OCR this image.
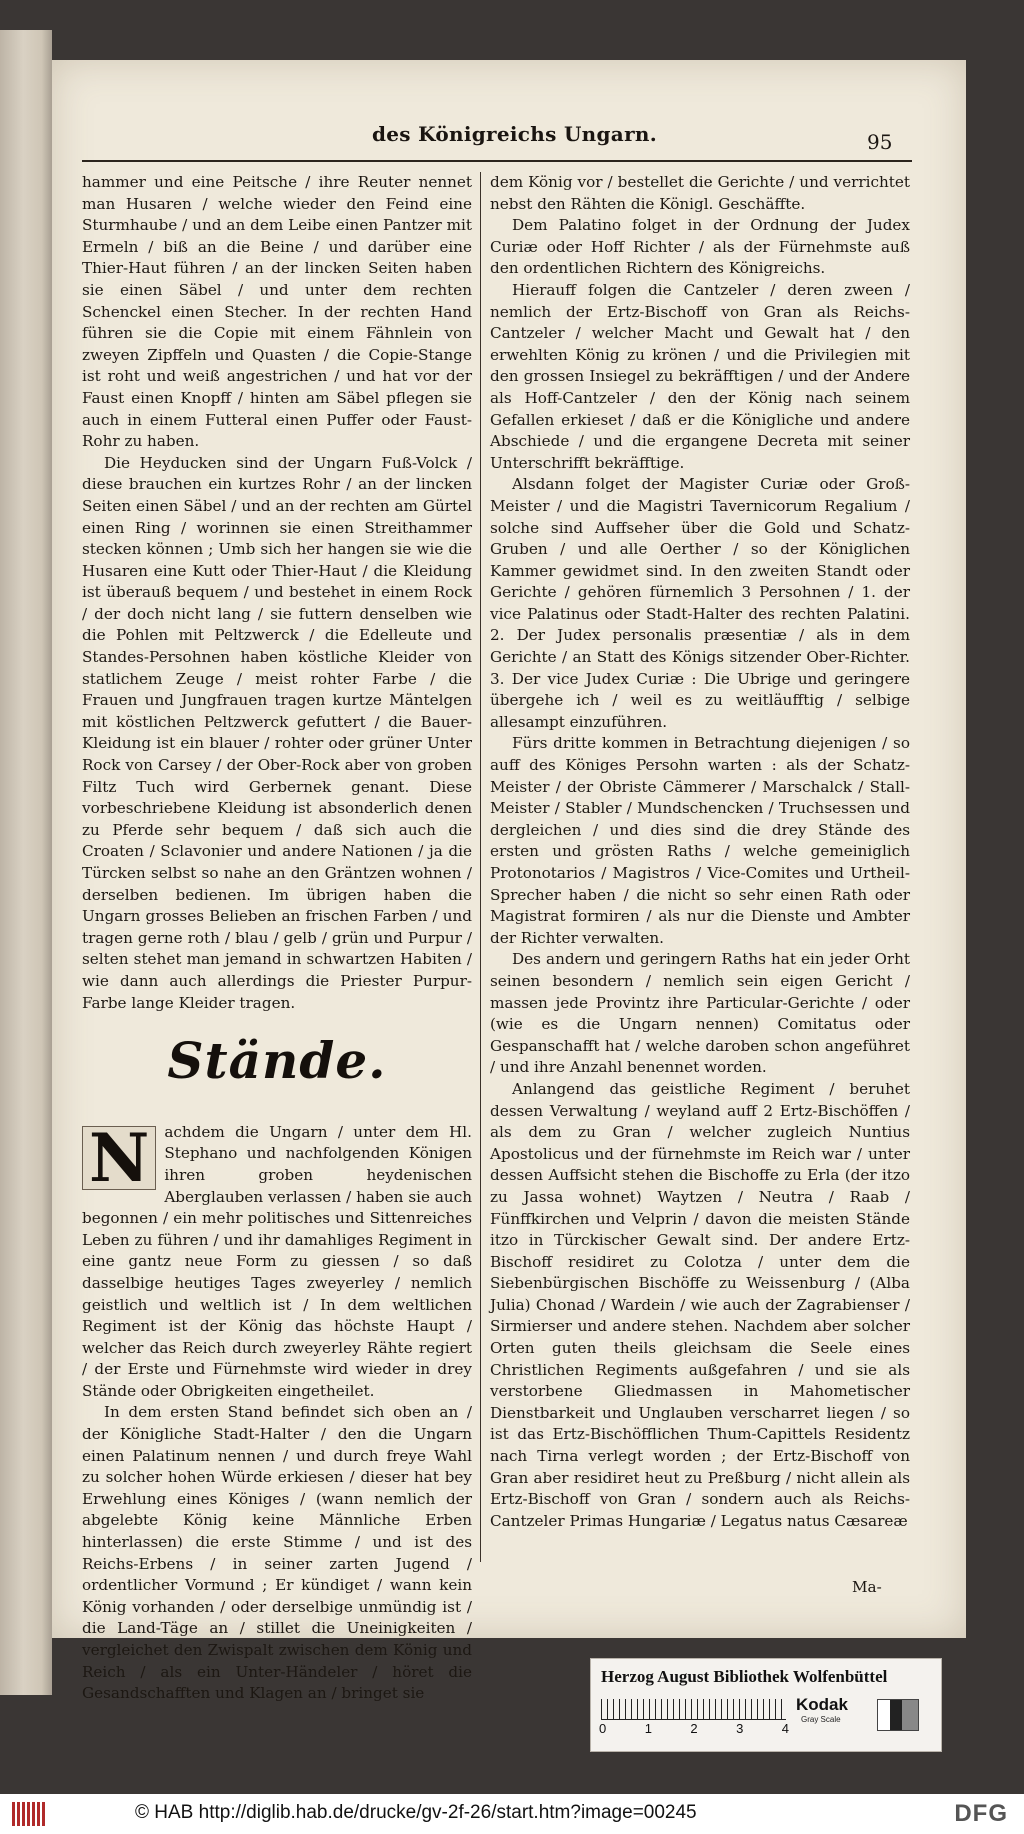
des Königreichs Ungarn.	95

hammer und eine Peitsche / ihre Reuter nennet man Husaren / welche wieder den Feind eine Sturmhaube / und an dem Leibe einen Pantzer mit Ermeln / biß an die Beine / und darüber eine Thier-Haut führen / an der lincken Seiten haben sie einen Säbel / und unter dem rechten Schenckel einen Stecher. In der rechten Hand führen sie die Copie mit einem Fähnlein von zweyen Zipffeln und Quasten / die Copie-Stange ist roht und weiß angestrichen / und hat vor der Faust einen Knopff / hinten am Säbel pflegen sie auch in einem Futteral einen Puffer oder Faust-Rohr zu haben.

Die Heyducken sind der Ungarn Fuß-Volck / diese brauchen ein kurtzes Rohr / an der lincken Seiten einen Säbel / und an der rechten am Gürtel einen Ring / worinnen sie einen Streithammer stecken können ; Umb sich her hangen sie wie die Husaren eine Kutt oder Thier-Haut / die Kleidung ist überauß bequem / und bestehet in einem Rock / der doch nicht lang / sie futtern denselben wie die Pohlen mit Peltzwerck / die Edelleute und Standes-Persohnen haben köstliche Kleider von statlichem Zeuge / meist rohter Farbe / die Frauen und Jungfrauen tragen kurtze Mäntelgen mit köstlichen Peltzwerck gefuttert / die Bauer-Kleidung ist ein blauer / rohter oder grüner Unter Rock von Carsey / der Ober-Rock aber von groben Filtz Tuch wird Gerbernek genant. Diese vorbeschriebene Kleidung ist absonderlich denen zu Pferde sehr bequem / daß sich auch die Croaten / Sclavonier und andere Nationen / ja die Türcken selbst so nahe an den Gräntzen wohnen / derselben bedienen. Im übrigen haben die Ungarn grosses Belieben an frischen Farben / und tragen gerne roth / blau / gelb / grün und Purpur / selten stehet man jemand in schwartzen Habiten / wie dann auch allerdings die Priester Purpur-Farbe lange Kleider tragen.

Stände.

N achdem die Ungarn / unter dem Hl. Stephano und nachfolgenden Königen ihren groben heydenischen Aberglauben verlassen / haben sie auch begonnen / ein mehr politisches und Sittenreiches Leben zu führen / und ihr damahliges Regiment in eine gantz neue Form zu giessen / so daß dasselbige heutiges Tages zweyerley / nemlich geistlich und weltlich ist / In dem weltlichen Regiment ist der König das höchste Haupt / welcher das Reich durch zweyerley Rähte regiert / der Erste und Fürnehmste wird wieder in drey Stände oder Obrigkeiten eingetheilet.

In dem ersten Stand befindet sich oben an / der Königliche Stadt-Halter / den die Ungarn einen Palatinum nennen / und durch freye Wahl zu solcher hohen Würde erkiesen / dieser hat bey Erwehlung eines Königes / (wann nemlich der abgelebte König keine Männliche Erben hinterlassen) die erste Stimme / und ist des Reichs-Erbens / in seiner zarten Jugend / ordentlicher Vormund ; Er kündiget / wann kein König vorhanden / oder derselbige unmündig ist / die Land-Täge an / stillet die Uneinigkeiten / vergleichet den Zwispalt zwischen dem König und Reich / als ein Unter-Händeler / höret die Gesandschafften und Klagen an / bringet sie

dem König vor / bestellet die Gerichte / und verrichtet nebst den Rähten die Königl. Geschäffte.

Dem Palatino folget in der Ordnung der Judex Curiæ oder Hoff Richter / als der Fürnehmste auß den ordentlichen Richtern des Königreichs.

Hierauff folgen die Cantzeler / deren zween / nemlich der Ertz-Bischoff von Gran als Reichs-Cantzeler / welcher Macht und Gewalt hat / den erwehlten König zu krönen / und die Privilegien mit den grossen Insiegel zu bekräfftigen / und der Andere als Hoff-Cantzeler / den der König nach seinem Gefallen erkieset / daß er die Königliche und andere Abschiede / und die ergangene Decreta mit seiner Unterschrifft bekräfftige.

Alsdann folget der Magister Curiæ oder Groß-Meister / und die Magistri Tavernicorum Regalium / solche sind Auffseher über die Gold und Schatz-Gruben / und alle Oerther / so der Königlichen Kammer gewidmet sind. In den zweiten Standt oder Gerichte / gehören fürnemlich 3 Persohnen / 1. der vice Palatinus oder Stadt-Halter des rechten Palatini. 2. Der Judex personalis præsentiæ / als in dem Gerichte / an Statt des Königs sitzender Ober-Richter. 3. Der vice Judex Curiæ : Die Ubrige und geringere übergehe ich / weil es zu weitläufftig / selbige allesampt einzuführen.

Fürs dritte kommen in Betrachtung diejenigen / so auff des Königes Persohn warten : als der Schatz-Meister / der Obriste Cämmerer / Marschalck / Stall-Meister / Stabler / Mundschencken / Truchsessen und dergleichen / und dies sind die drey Stände des ersten und grösten Raths / welche gemeiniglich Protonotarios / Magistros / Vice-Comites und Urtheil-Sprecher haben / die nicht so sehr einen Rath oder Magistrat formiren / als nur die Dienste und Ambter der Richter verwalten.

Des andern und geringern Raths hat ein jeder Orht seinen besondern / nemlich sein eigen Gericht / massen jede Provintz ihre Particular-Gerichte / oder (wie es die Ungarn nennen) Comitatus oder Gespanschafft hat / welche daroben schon angeführet / und ihre Anzahl benennet worden.

Anlangend das geistliche Regiment / beruhet dessen Verwaltung / weyland auff 2 Ertz-Bischöffen / als dem zu Gran / welcher zugleich Nuntius Apostolicus und der fürnehmste im Reich war / unter dessen Auffsicht stehen die Bischoffe zu Erla (der itzo zu Jassa wohnet) Waytzen / Neutra / Raab / Fünffkirchen und Velprin / davon die meisten Stände itzo in Türckischer Gewalt sind. Der andere Ertz-Bischoff residiret zu Colotza / unter dem die Siebenbürgischen Bischöffe zu Weissenburg / (Alba Julia) Chonad / Wardein / wie auch der Zagrabienser / Sirmierser und andere stehen. Nachdem aber solcher Orten guten theils gleichsam die Seele eines Christlichen Regiments außgefahren / und sie als verstorbene Gliedmassen in Mahometischer Dienstbarkeit und Unglauben verscharret liegen / so ist das Ertz-Bischöfflichen Thum-Capittels Residentz nach Tirna verlegt worden ; der Ertz-Bischoff von Gran aber residiret heut zu Preßburg / nicht allein als Ertz-Bischoff von Gran / sondern auch als Reichs-Cantzeler Primas Hungariæ / Legatus natus Cæsareæ

Ma-
Herzog August Bibliothek Wolfenbüttel
0	1	2	3	4
Kodak
Gray Scale
© HAB http://diglib.hab.de/drucke/gv-2f-26/start.htm?image=00245	DFG
